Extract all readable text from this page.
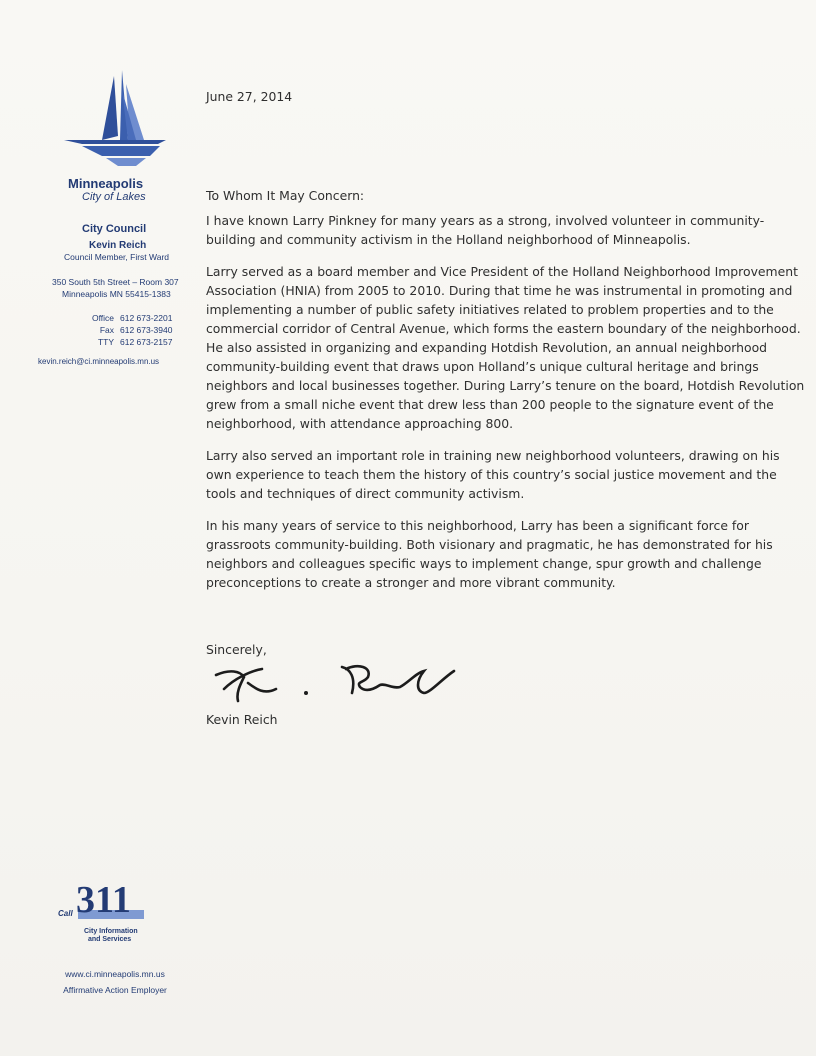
Minneapolis
City of Lakes
City Council
Kevin Reich
Council Member, First Ward
350 South 5th Street – Room 307
Minneapolis MN 55415-1383
Office 612 673-2201
Fax 612 673-3940
TTY 612 673-2157
kevin.reich@ci.minneapolis.mn.us
Call 311
City Information
and Services
www.ci.minneapolis.mn.us
Affirmative Action Employer
June 27, 2014
To Whom It May Concern:

I have known Larry Pinkney for many years as a strong, involved volunteer in community-building and community activism in the Holland neighborhood of Minneapolis.

Larry served as a board member and Vice President of the Holland Neighborhood Improvement Association (HNIA) from 2005 to 2010. During that time he was instrumental in promoting and implementing a number of public safety initiatives related to problem properties and to the commercial corridor of Central Avenue, which forms the eastern boundary of the neighborhood. He also assisted in organizing and expanding Hotdish Revolution, an annual neighborhood community-building event that draws upon Holland’s unique cultural heritage and brings neighbors and local businesses together. During Larry’s tenure on the board, Hotdish Revolution grew from a small niche event that drew less than 200 people to the signature event of the neighborhood, with attendance approaching 800.

Larry also served an important role in training new neighborhood volunteers, drawing on his own experience to teach them the history of this country’s social justice movement and the tools and techniques of direct community activism.

In his many years of service to this neighborhood, Larry has been a significant force for grassroots community-building. Both visionary and pragmatic, he has demonstrated for his neighbors and colleagues specific ways to implement change, spur growth and challenge preconceptions to create a stronger and more vibrant community.

Sincerely,
Kevin Reich
